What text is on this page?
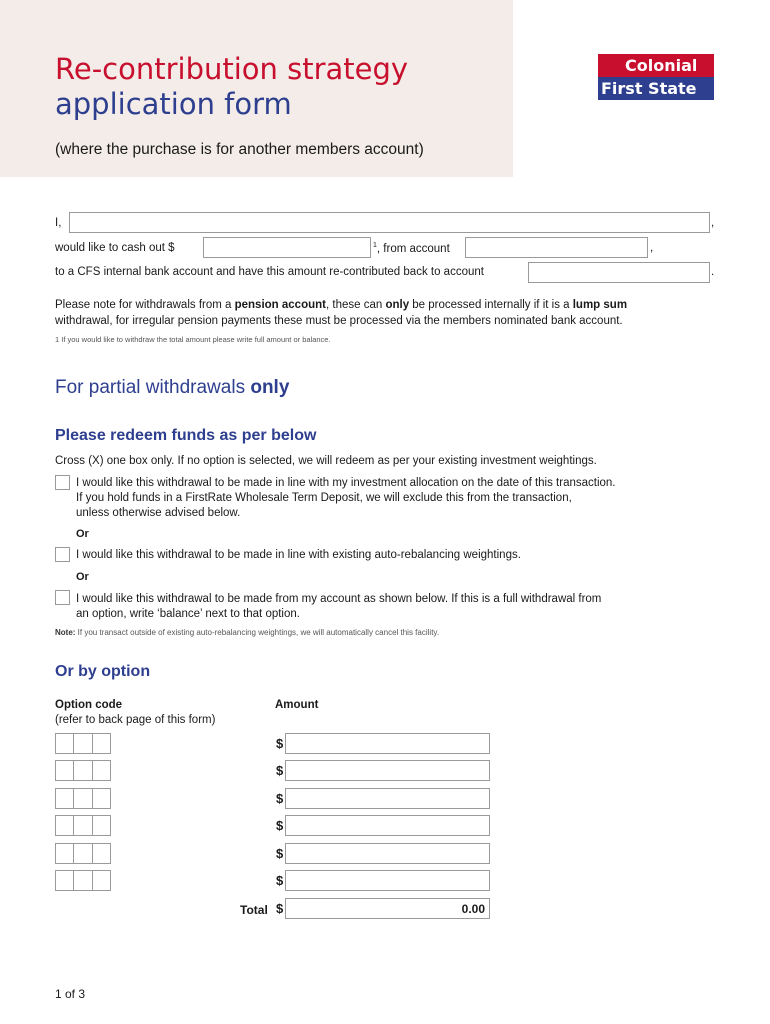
Re-contribution strategy
application form
(where the purchase is for another members account)
Colonial
First State
I,	,
would like to cash out $	$^1$, from account	,
to a CFS internal bank account and have this amount re-contributed back to account	.
Please note for withdrawals from a pension account, these can only be processed internally if it is a lump sum
withdrawal, for irregular pension payments these must be processed via the members nominated bank account.
1 If you would like to withdraw the total amount please write full amount or balance.
For partial withdrawals only
Please redeem funds as per below
Cross (X) one box only. If no option is selected, we will redeem as per your existing investment weightings.
I would like this withdrawal to be made in line with my investment allocation on the date of this transaction.
If you hold funds in a FirstRate Wholesale Term Deposit, we will exclude this from the transaction,
unless otherwise advised below.
Or
I would like this withdrawal to be made in line with existing auto-rebalancing weightings.
Or
I would like this withdrawal to be made from my account as shown below. If this is a full withdrawal from
an option, write ‘balance’ next to that option.
Note: If you transact outside of existing auto-rebalancing weightings, we will automatically cancel this facility.
Or by option
Option code
(refer to back page of this form)
Amount
$
$
$
$
$
$
Total $	0.00
1 of 3
